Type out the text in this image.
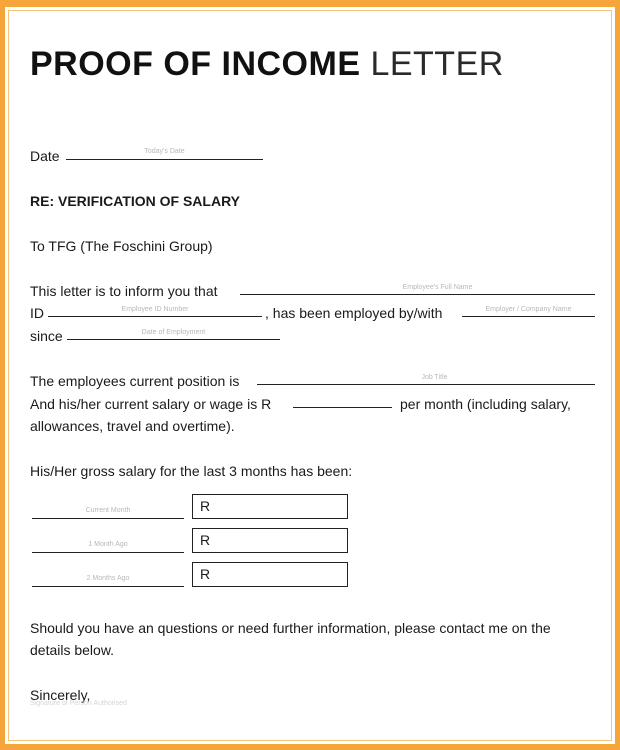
PROOF OF INCOME LETTER
Date	Today's Date
RE: VERIFICATION OF SALARY
To TFG (The Foschini Group)
This letter is to inform you that	Employee's Full Name
ID	Employee ID Number	, has been employed by/with	Employer / Company Name
since	Date of Employment
The employees current position is	Job Title
And his/her current salary or wage is R	per month (including salary,
allowances, travel and overtime).
His/Her gross salary for the last 3 months has been:
Current Month	R
1 Month Ago	R
2 Months Ago	R
Should you have an questions or need further information, please contact me on the
details below.
Sincerely,
Signature of Person Authorised
